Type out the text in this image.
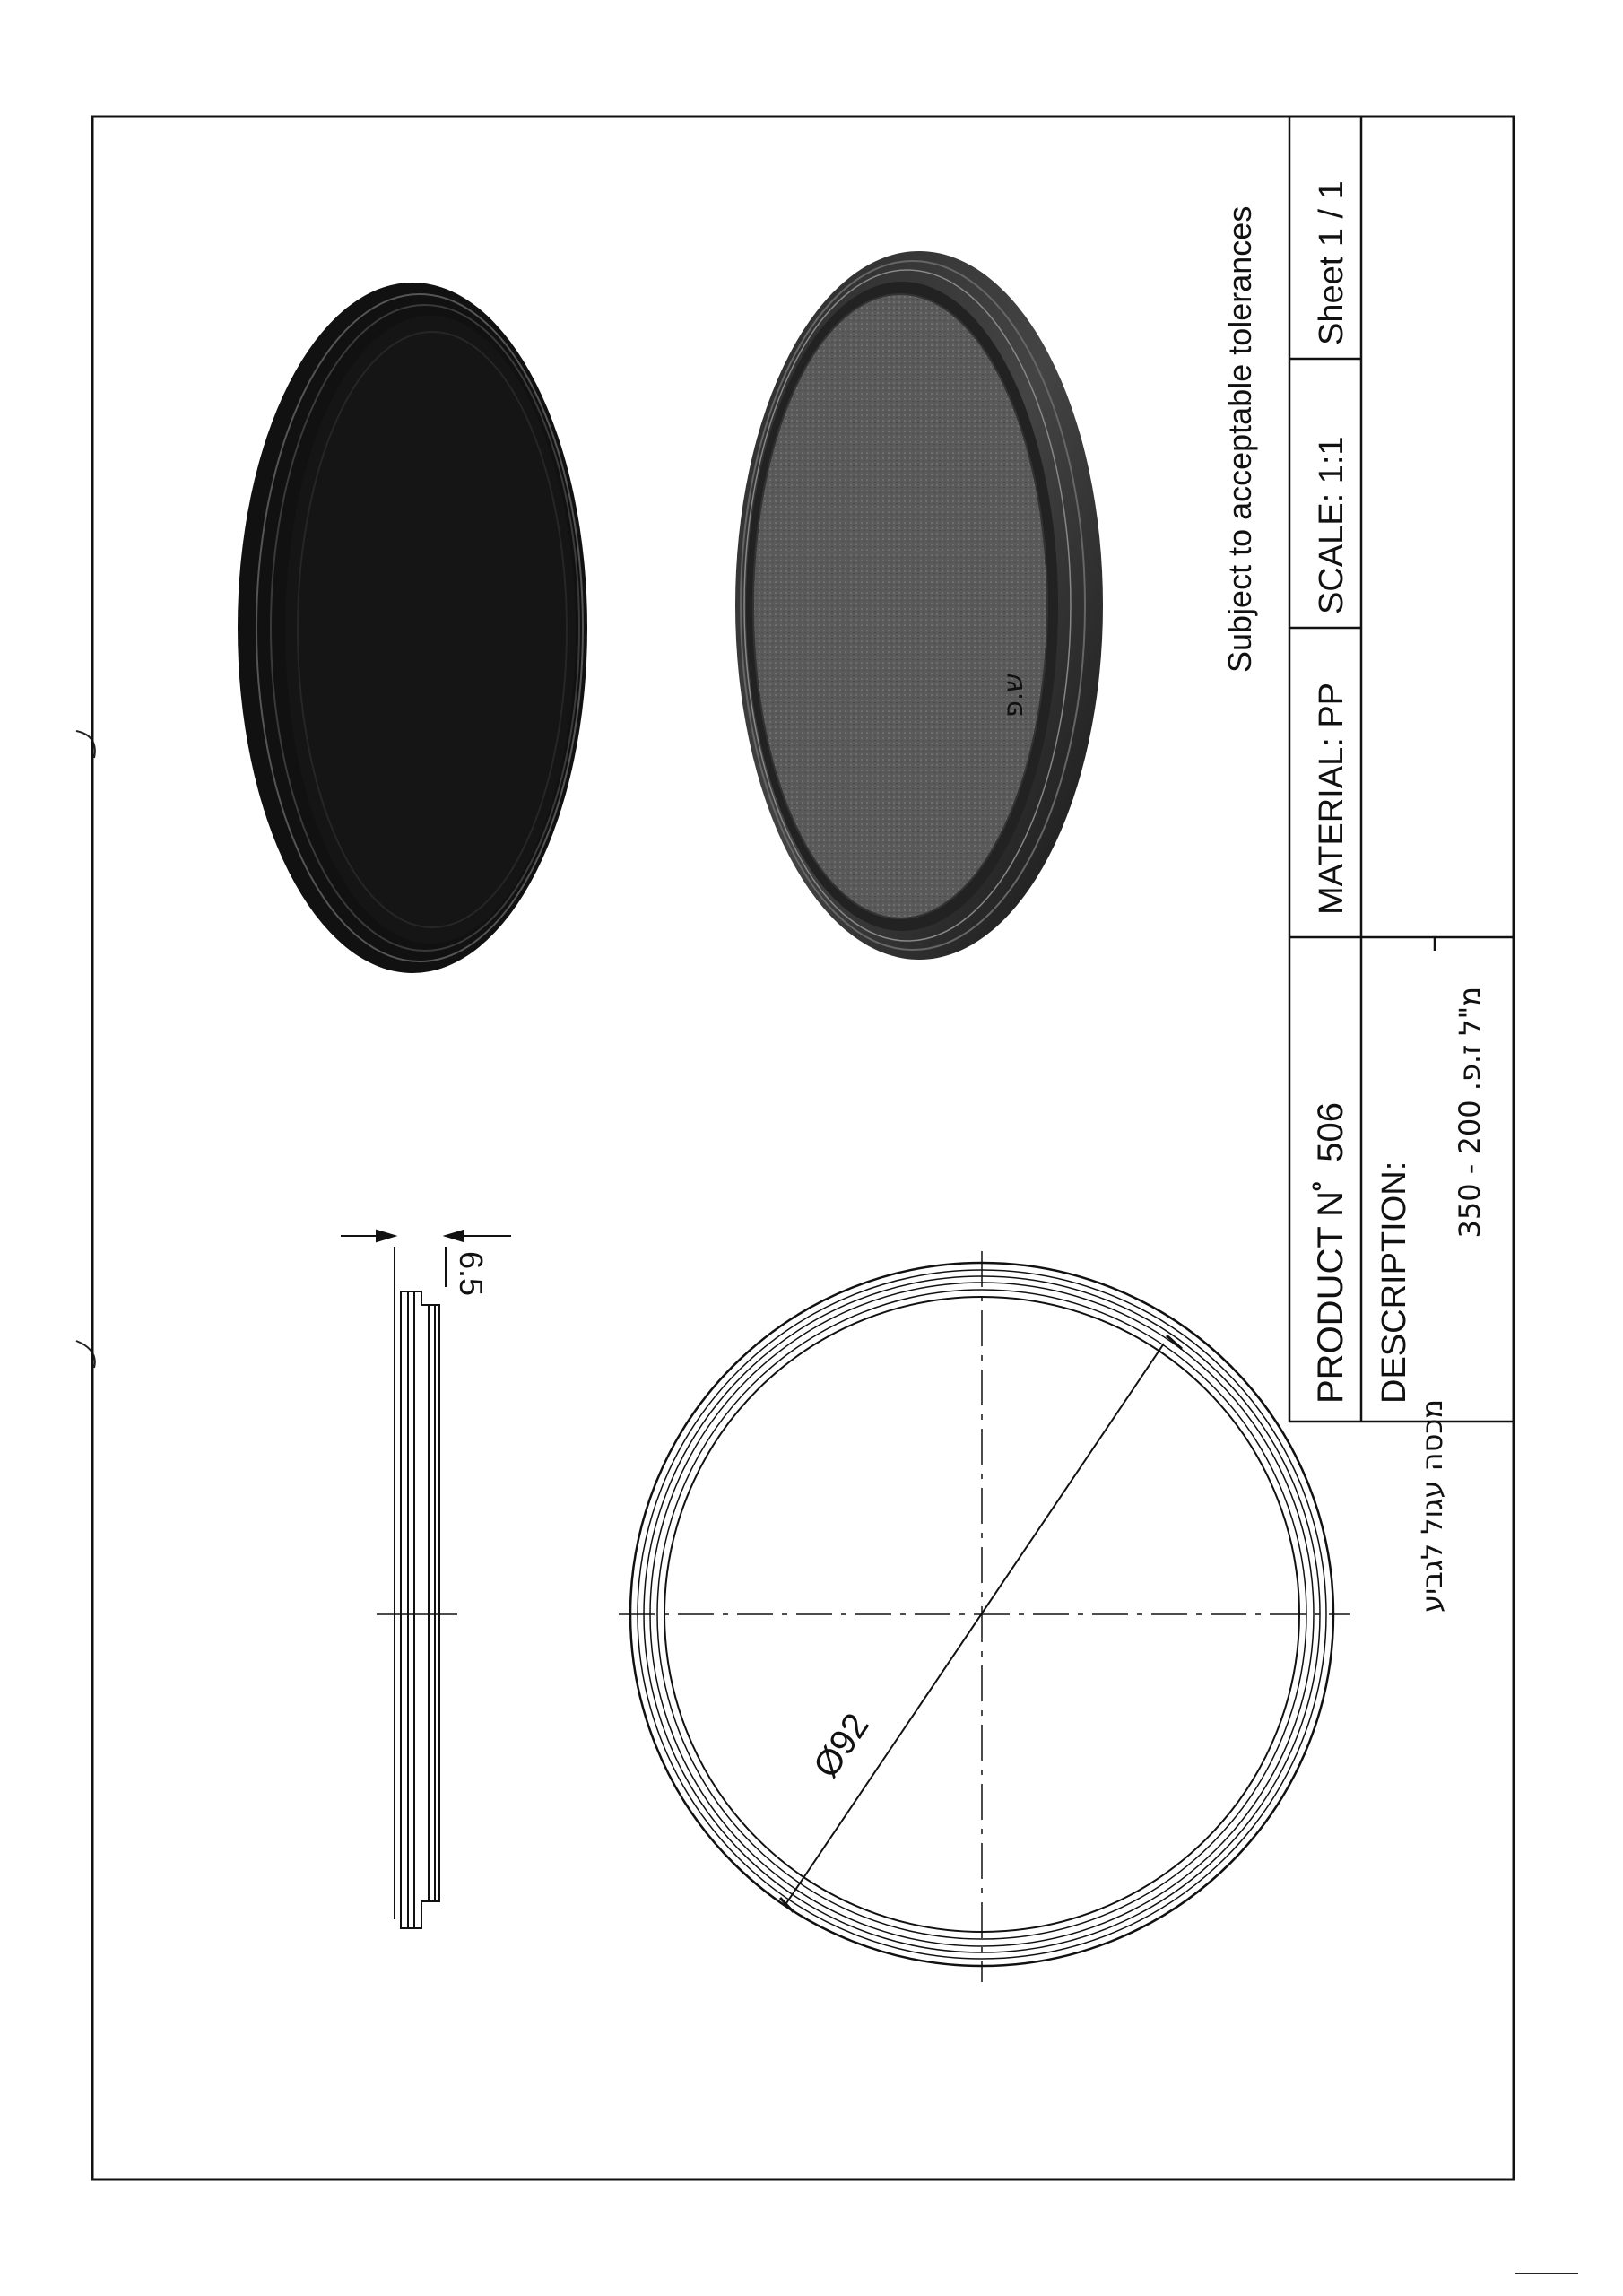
PRODUCT $N^º506$
MATERIAL: PP
SCALE: 1:1
Sheet 1 / 1
DESCRIPTION:
מכסה עגול לגביע
מ"ל ז.פ. 200 - 350
Subject to acceptable tolerances
6.5
Ø92
ש.פ
